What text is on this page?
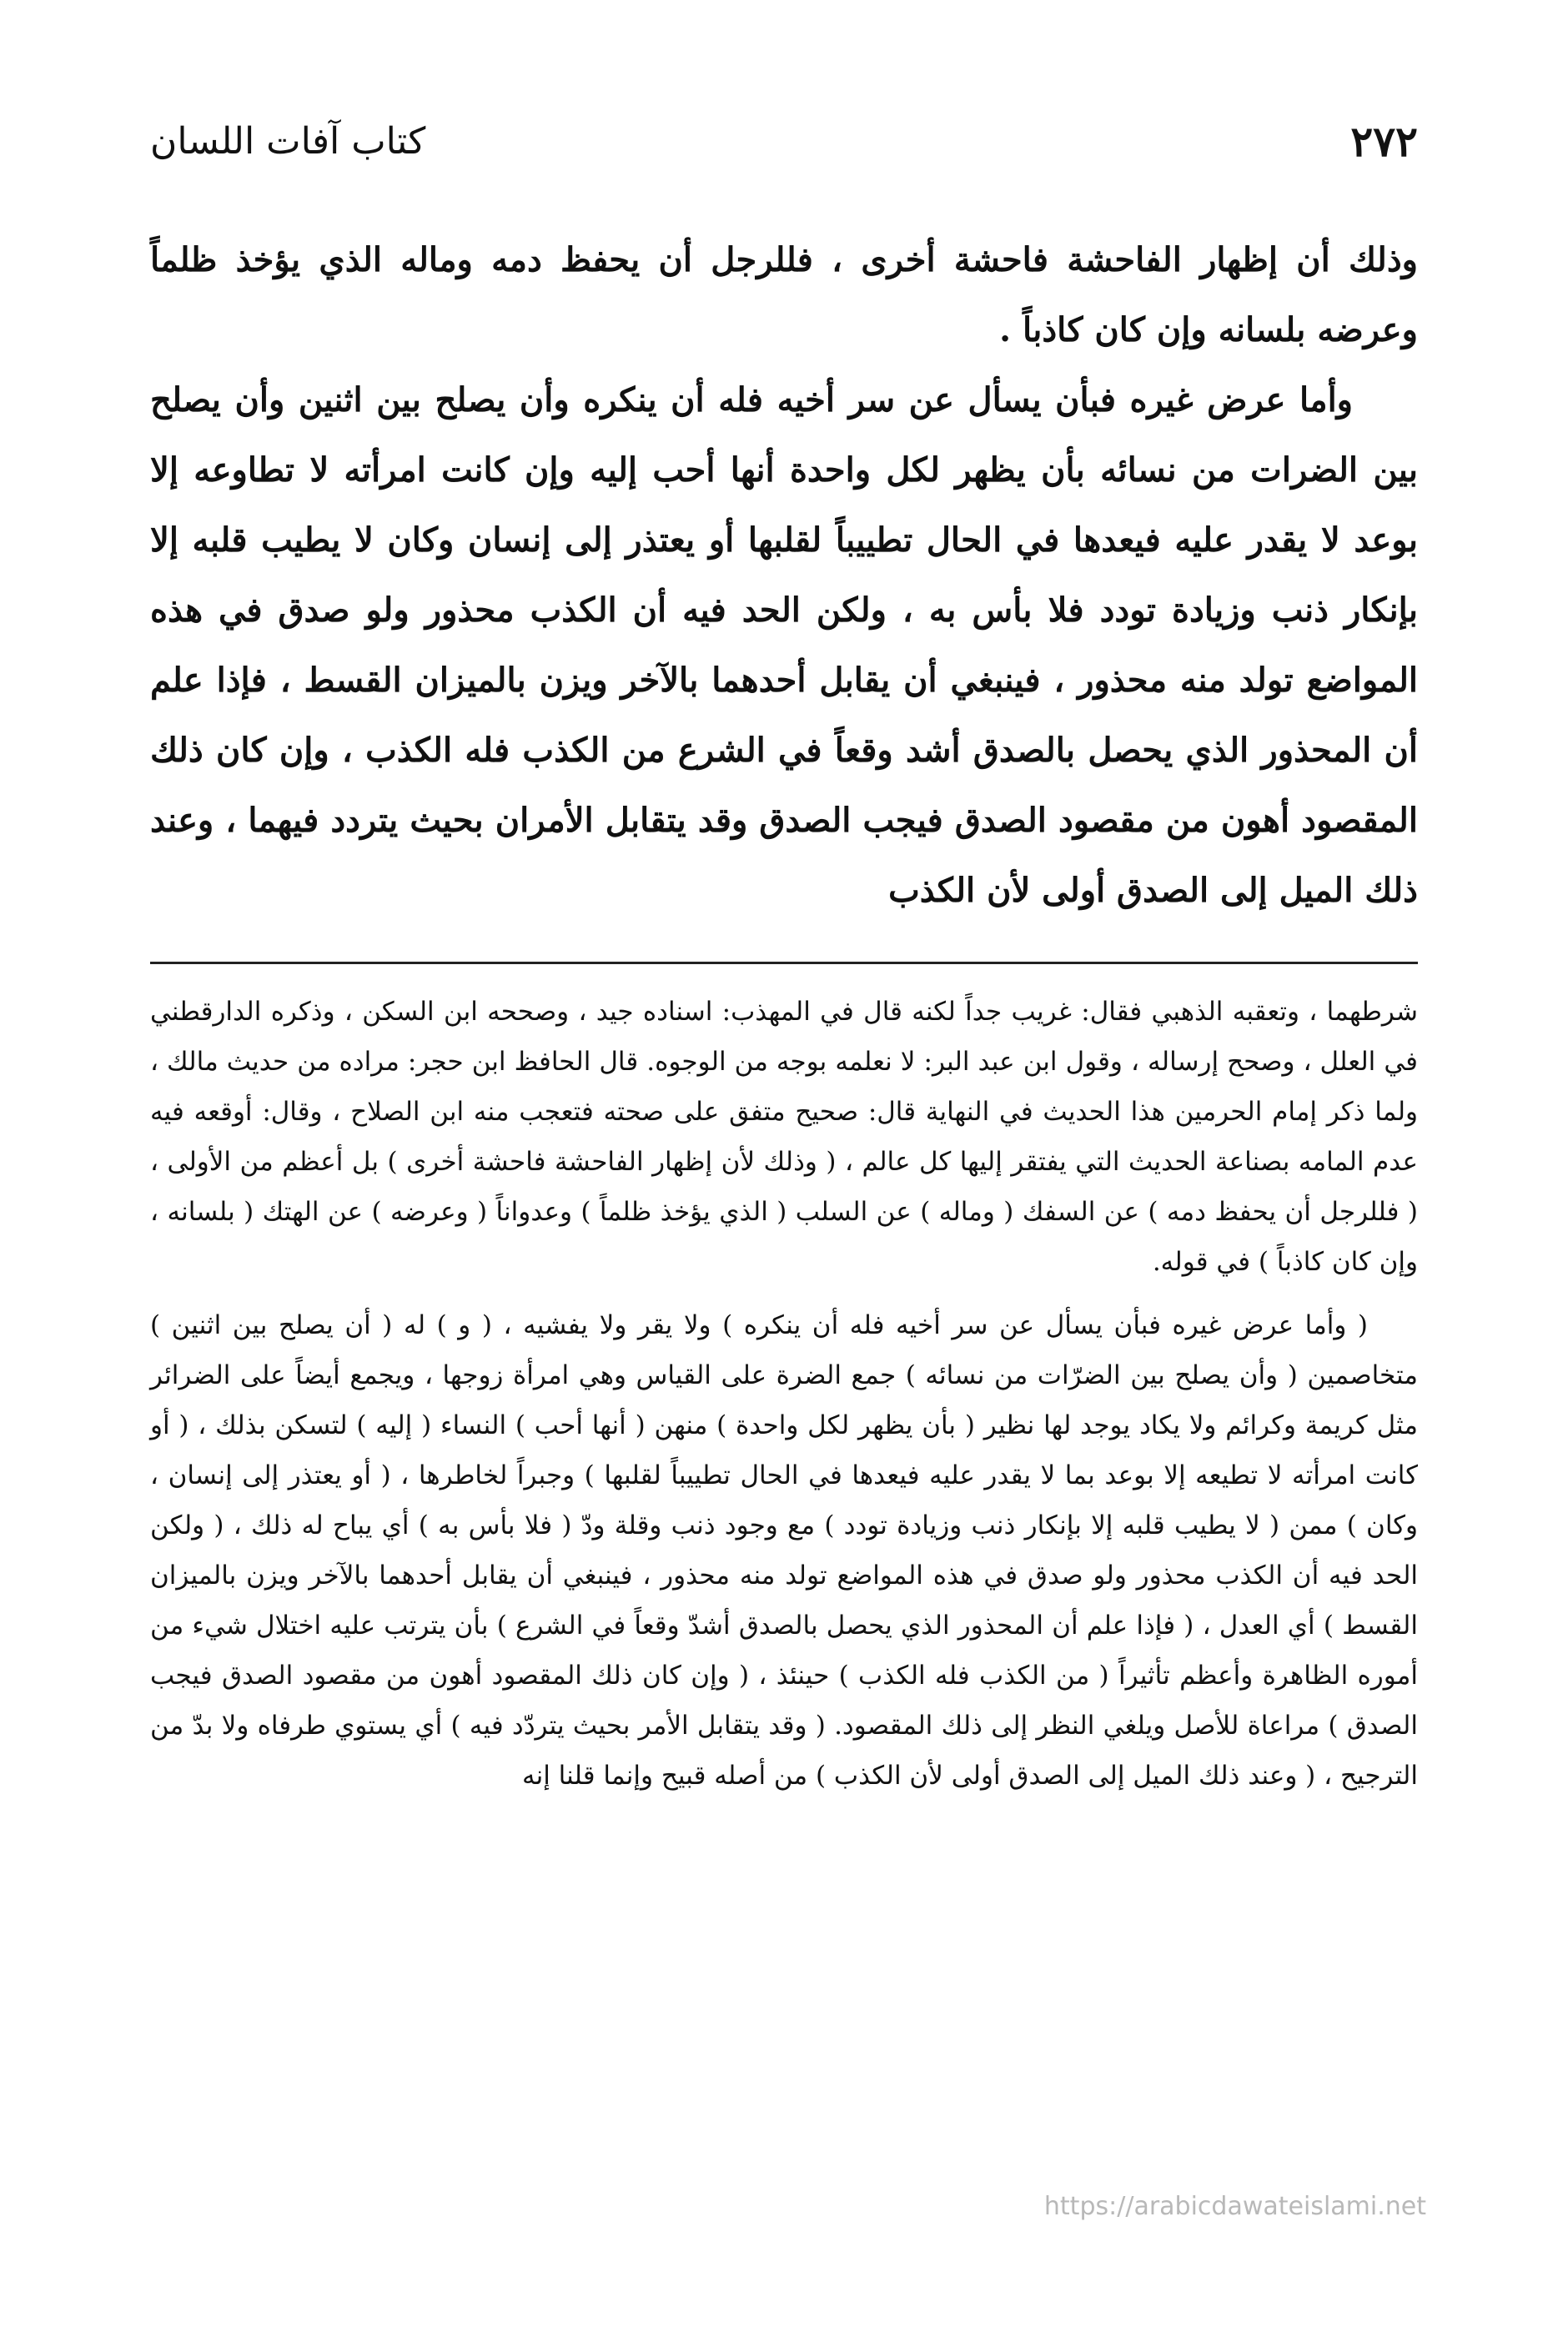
٢٧٢
كتاب آفات اللسان

وذلك أن إظهار الفاحشة فاحشة أخرى ، فللرجل أن يحفظ دمه وماله الذي يؤخذ ظلماً وعرضه بلسانه وإن كان كاذباً .

وأما عرض غيره فبأن يسأل عن سر أخيه فله أن ينكره وأن يصلح بين اثنين وأن يصلح بين الضرات من نسائه بأن يظهر لكل واحدة أنها أحب إليه وإن كانت امرأته لا تطاوعه إلا بوعد لا يقدر عليه فيعدها في الحال تطييباً لقلبها أو يعتذر إلى إنسان وكان لا يطيب قلبه إلا بإنكار ذنب وزيادة تودد فلا بأس به ، ولكن الحد فيه أن الكذب محذور ولو صدق في هذه المواضع تولد منه محذور ، فينبغي أن يقابل أحدهما بالآخر ويزن بالميزان القسط ، فإذا علم أن المحذور الذي يحصل بالصدق أشد وقعاً في الشرع من الكذب فله الكذب ، وإن كان ذلك المقصود أهون من مقصود الصدق فيجب الصدق وقد يتقابل الأمران بحيث يتردد فيهما ، وعند ذلك الميل إلى الصدق أولى لأن الكذب

شرطهما ، وتعقبه الذهبي فقال: غريب جداً لكنه قال في المهذب: اسناده جيد ، وصححه ابن السكن ، وذكره الدارقطني في العلل ، وصحح إرساله ، وقول ابن عبد البر: لا نعلمه بوجه من الوجوه. قال الحافظ ابن حجر: مراده من حديث مالك ، ولما ذكر إمام الحرمين هذا الحديث في النهاية قال: صحيح متفق على صحته فتعجب منه ابن الصلاح ، وقال: أوقعه فيه عدم المامه بصناعة الحديث التي يفتقر إليها كل عالم ، ( وذلك لأن إظهار الفاحشة فاحشة أخرى ) بل أعظم من الأولى ، ( فللرجل أن يحفظ دمه ) عن السفك ( وماله ) عن السلب ( الذي يؤخذ ظلماً ) وعدواناً ( وعرضه ) عن الهتك ( بلسانه ، وإن كان كاذباً ) في قوله.

( وأما عرض غيره فبأن يسأل عن سر أخيه فله أن ينكره ) ولا يقر ولا يفشيه ، ( و ) له ( أن يصلح بين اثنين ) متخاصمين ( وأن يصلح بين الضرّات من نسائه ) جمع الضرة على القياس وهي امرأة زوجها ، ويجمع أيضاً على الضرائر مثل كريمة وكرائم ولا يكاد يوجد لها نظير ( بأن يظهر لكل واحدة ) منهن ( أنها أحب ) النساء ( إليه ) لتسكن بذلك ، ( أو كانت امرأته لا تطيعه إلا بوعد بما لا يقدر عليه فيعدها في الحال تطييباً لقلبها ) وجبراً لخاطرها ، ( أو يعتذر إلى إنسان ، وكان ) ممن ( لا يطيب قلبه إلا بإنكار ذنب وزيادة تودد ) مع وجود ذنب وقلة ودّ ( فلا بأس به ) أي يباح له ذلك ، ( ولكن الحد فيه أن الكذب محذور ولو صدق في هذه المواضع تولد منه محذور ، فينبغي أن يقابل أحدهما بالآخر ويزن بالميزان القسط ) أي العدل ، ( فإذا علم أن المحذور الذي يحصل بالصدق أشدّ وقعاً في الشرع ) بأن يترتب عليه اختلال شيء من أموره الظاهرة وأعظم تأثيراً ( من الكذب فله الكذب ) حينئذ ، ( وإن كان ذلك المقصود أهون من مقصود الصدق فيجب الصدق ) مراعاة للأصل ويلغي النظر إلى ذلك المقصود. ( وقد يتقابل الأمر بحيث يتردّد فيه ) أي يستوي طرفاه ولا بدّ من الترجيح ، ( وعند ذلك الميل إلى الصدق أولى لأن الكذب ) من أصله قبيح وإنما قلنا إنه

https://arabicdawateislami.net
